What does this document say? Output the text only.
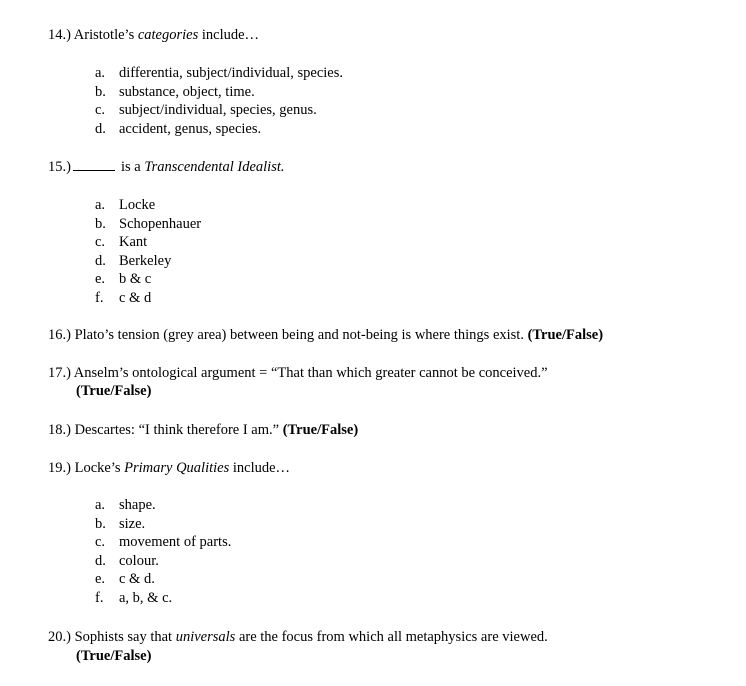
14.) Aristotle’s categories include…
a. differentia, subject/individual, species.
b. substance, object, time.
c. subject/individual, species, genus.
d. accident, genus, species.
15.)	is a Transcendental Idealist.
a. Locke
b. Schopenhauer
c. Kant
d. Berkeley
e. b & c
f. c & d
16.) Plato’s tension (grey area) between being and not-being is where things exist. (True/False)
17.) Anselm’s ontological argument = “That than which greater cannot be conceived.”
(True/False)
18.) Descartes: “I think therefore I am.” (True/False)
19.) Locke’s Primary Qualities include…
a. shape.
b. size.
c. movement of parts.
d. colour.
e. c & d.
f. a, b, & c.
20.) Sophists say that universals are the focus from which all metaphysics are viewed.
(True/False)
